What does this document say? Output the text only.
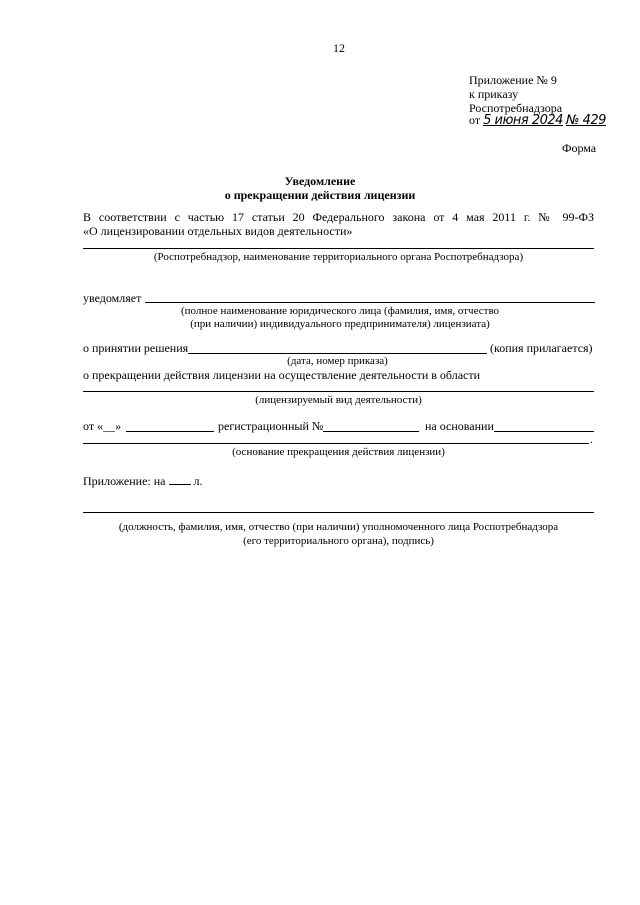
12
Приложение № 9
к приказу
Роспотребнадзора
от 5 июня 2024 № 429
Форма
Уведомление
о прекращении действия лицензии
В соответствии с частью 17 статьи 20 Федерального закона от 4 мая 2011 г. № 99-ФЗ
«О лицензировании отдельных видов деятельности»
(Роспотребнадзор, наименование территориального органа Роспотребнадзора)
уведомляет
(полное наименование юридического лица (фамилия, имя, отчество
(при наличии) индивидуального предпринимателя) лицензиата)
о принятии решения	(копия прилагается)
(дата, номер приказа)
о прекращении действия лицензии на осуществление деятельности в области
(лицензируемый вид деятельности)
от «__»	регистрационный №	на основании
.
(основание прекращения действия лицензии)
Приложение: на л.
(должность, фамилия, имя, отчество (при наличии) уполномоченного лица Роспотребнадзора
(его территориального органа), подпись)
